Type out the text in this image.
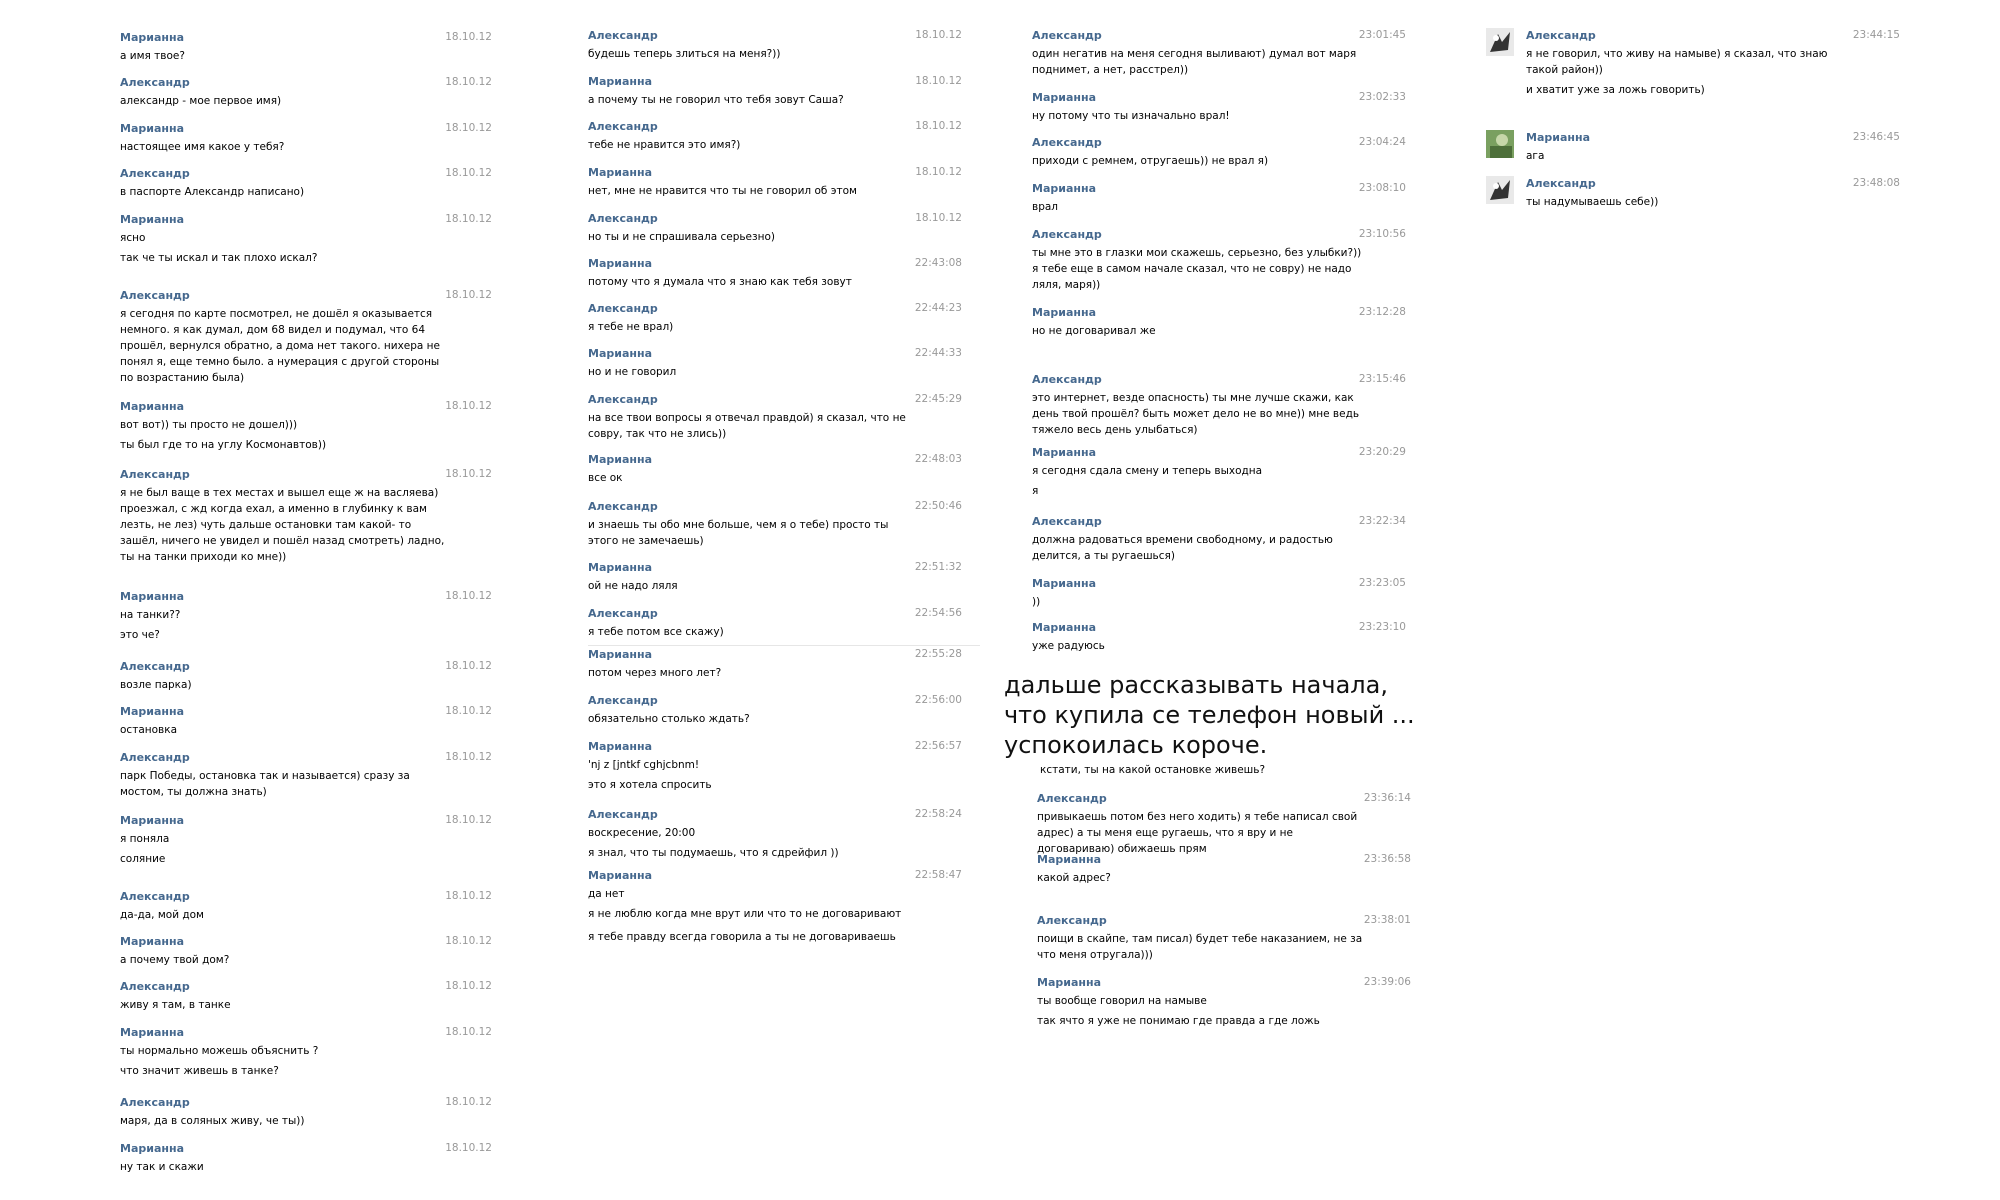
Марианна	18.10.12
а имя твое?
Александр	18.10.12
александр - мое первое имя)
Марианна	18.10.12
настоящее имя какое у тебя?
Александр	18.10.12
в паспорте Александр написано)
Марианна	18.10.12
ясно
так че ты искал и так плохо искал?
Александр	18.10.12
я сегодня по карте посмотрел, не дошёл я оказывается немного. я как думал, дом 68 видел и подумал, что 64 прошёл, вернулся обратно, а дома нет такого. нихера не понял я, еще темно было. а нумерация с другой стороны по возрастанию была)
Марианна	18.10.12
вот вот)) ты просто не дошел)))
ты был где то на углу Космонавтов))
Александр	18.10.12
я не был ваще в тех местах и вышел еще ж на васляева) проезжал, с жд когда ехал, а именно в глубинку к вам лезть, не лез) чуть дальше остановки там какой- то зашёл, ничего не увидел и пошёл назад смотреть) ладно, ты на танки приходи ко мне))
Марианна	18.10.12
на танки??
это че?
Александр	18.10.12
возле парка)
Марианна	18.10.12
остановка
Александр	18.10.12
парк Победы, остановка так и называется) сразу за мостом, ты должна знать)
Марианна	18.10.12
я поняла
соляние
Александр	18.10.12
да-да, мой дом
Марианна	18.10.12
а почему твой дом?
Александр	18.10.12
живу я там, в танке
Марианна	18.10.12
ты нормально можешь объяснить ?
что значит живешь в танке?
Александр	18.10.12
маря, да в соляных живу, че ты))
Марианна	18.10.12
ну так и скажи
Александр	18.10.12
будешь теперь злиться на меня?))
Марианна	18.10.12
а почему ты не говорил что тебя зовут Саша?
Александр	18.10.12
тебе не нравится это имя?)
Марианна	18.10.12
нет, мне не нравится что ты не говорил об этом
Александр	18.10.12
но ты и не спрашивала серьезно)
Марианна	22:43:08
потому что я думала что я знаю как тебя зовут
Александр	22:44:23
я тебе не врал)
Марианна	22:44:33
но и не говорил
Александр	22:45:29
на все твои вопросы я отвечал правдой) я сказал, что не совру, так что не злись))
Марианна	22:48:03
все ок
Александр	22:50:46
и знаешь ты обо мне больше, чем я о тебе) просто ты этого не замечаешь)
Марианна	22:51:32
ой не надо ляля
Александр	22:54:56
я тебе потом все скажу)
Марианна	22:55:28
потом через много лет?
Александр	22:56:00
обязательно столько ждать?
Марианна	22:56:57
'nj z [jntkf cghjcbnm!
это я хотела спросить
Александр	22:58:24
воскресение, 20:00
я знал, что ты подумаешь, что я сдрейфил ))
Марианна	22:58:47
да нет
я не люблю когда мне врут или что то не договаривают
я тебе правду всегда говорила а ты не договариваешь
Александр	23:01:45
один негатив на меня сегодня выливают) думал вот маря поднимет, а нет, расстрел))
Марианна	23:02:33
ну потому что ты изначально врал!
Александр	23:04:24
приходи с ремнем, отругаешь)) не врал я)
Марианна	23:08:10
врал
Александр	23:10:56
ты мне это в глазки мои скажешь, серьезно, без улыбки?)) я тебе еще в самом начале сказал, что не совру) не надо ляля, маря))
Марианна	23:12:28
но не договаривал же
Александр	23:15:46
это интернет, везде опасность) ты мне лучше скажи, как день твой прошёл? быть может дело не во мне)) мне ведь тяжело весь день улыбаться)
Марианна	23:20:29
я сегодня сдала смену и теперь выходна
я
Александр	23:22:34
должна радоваться времени свободному, и радостью делится, а ты ругаешься)
Марианна	23:23:05
))
Марианна	23:23:10
уже радуюсь
Александр	23:36:14
привыкаешь потом без него ходить) я тебе написал свой адрес) а ты меня еще ругаешь, что я вру и не договариваю) обижаешь прям
Марианна	23:36:58
какой адрес?
Александр	23:38:01
поищи в скайпе, там писал) будет тебе наказанием, не за что меня отругала)))
Марианна	23:39:06
ты вообще говорил на намыве
так ячто я уже не понимаю где правда а где ложь
Александр	23:44:15
я не говорил, что живу на намыве) я сказал, что знаю такой район))
и хватит уже за ложь говорить)
Марианна	23:46:45
ага
Александр	23:48:08
ты надумываешь себе))
дальше рассказывать начала,
что купила се телефон новый ...
успокоилась короче.
кстати, ты на какой остановке живешь?
